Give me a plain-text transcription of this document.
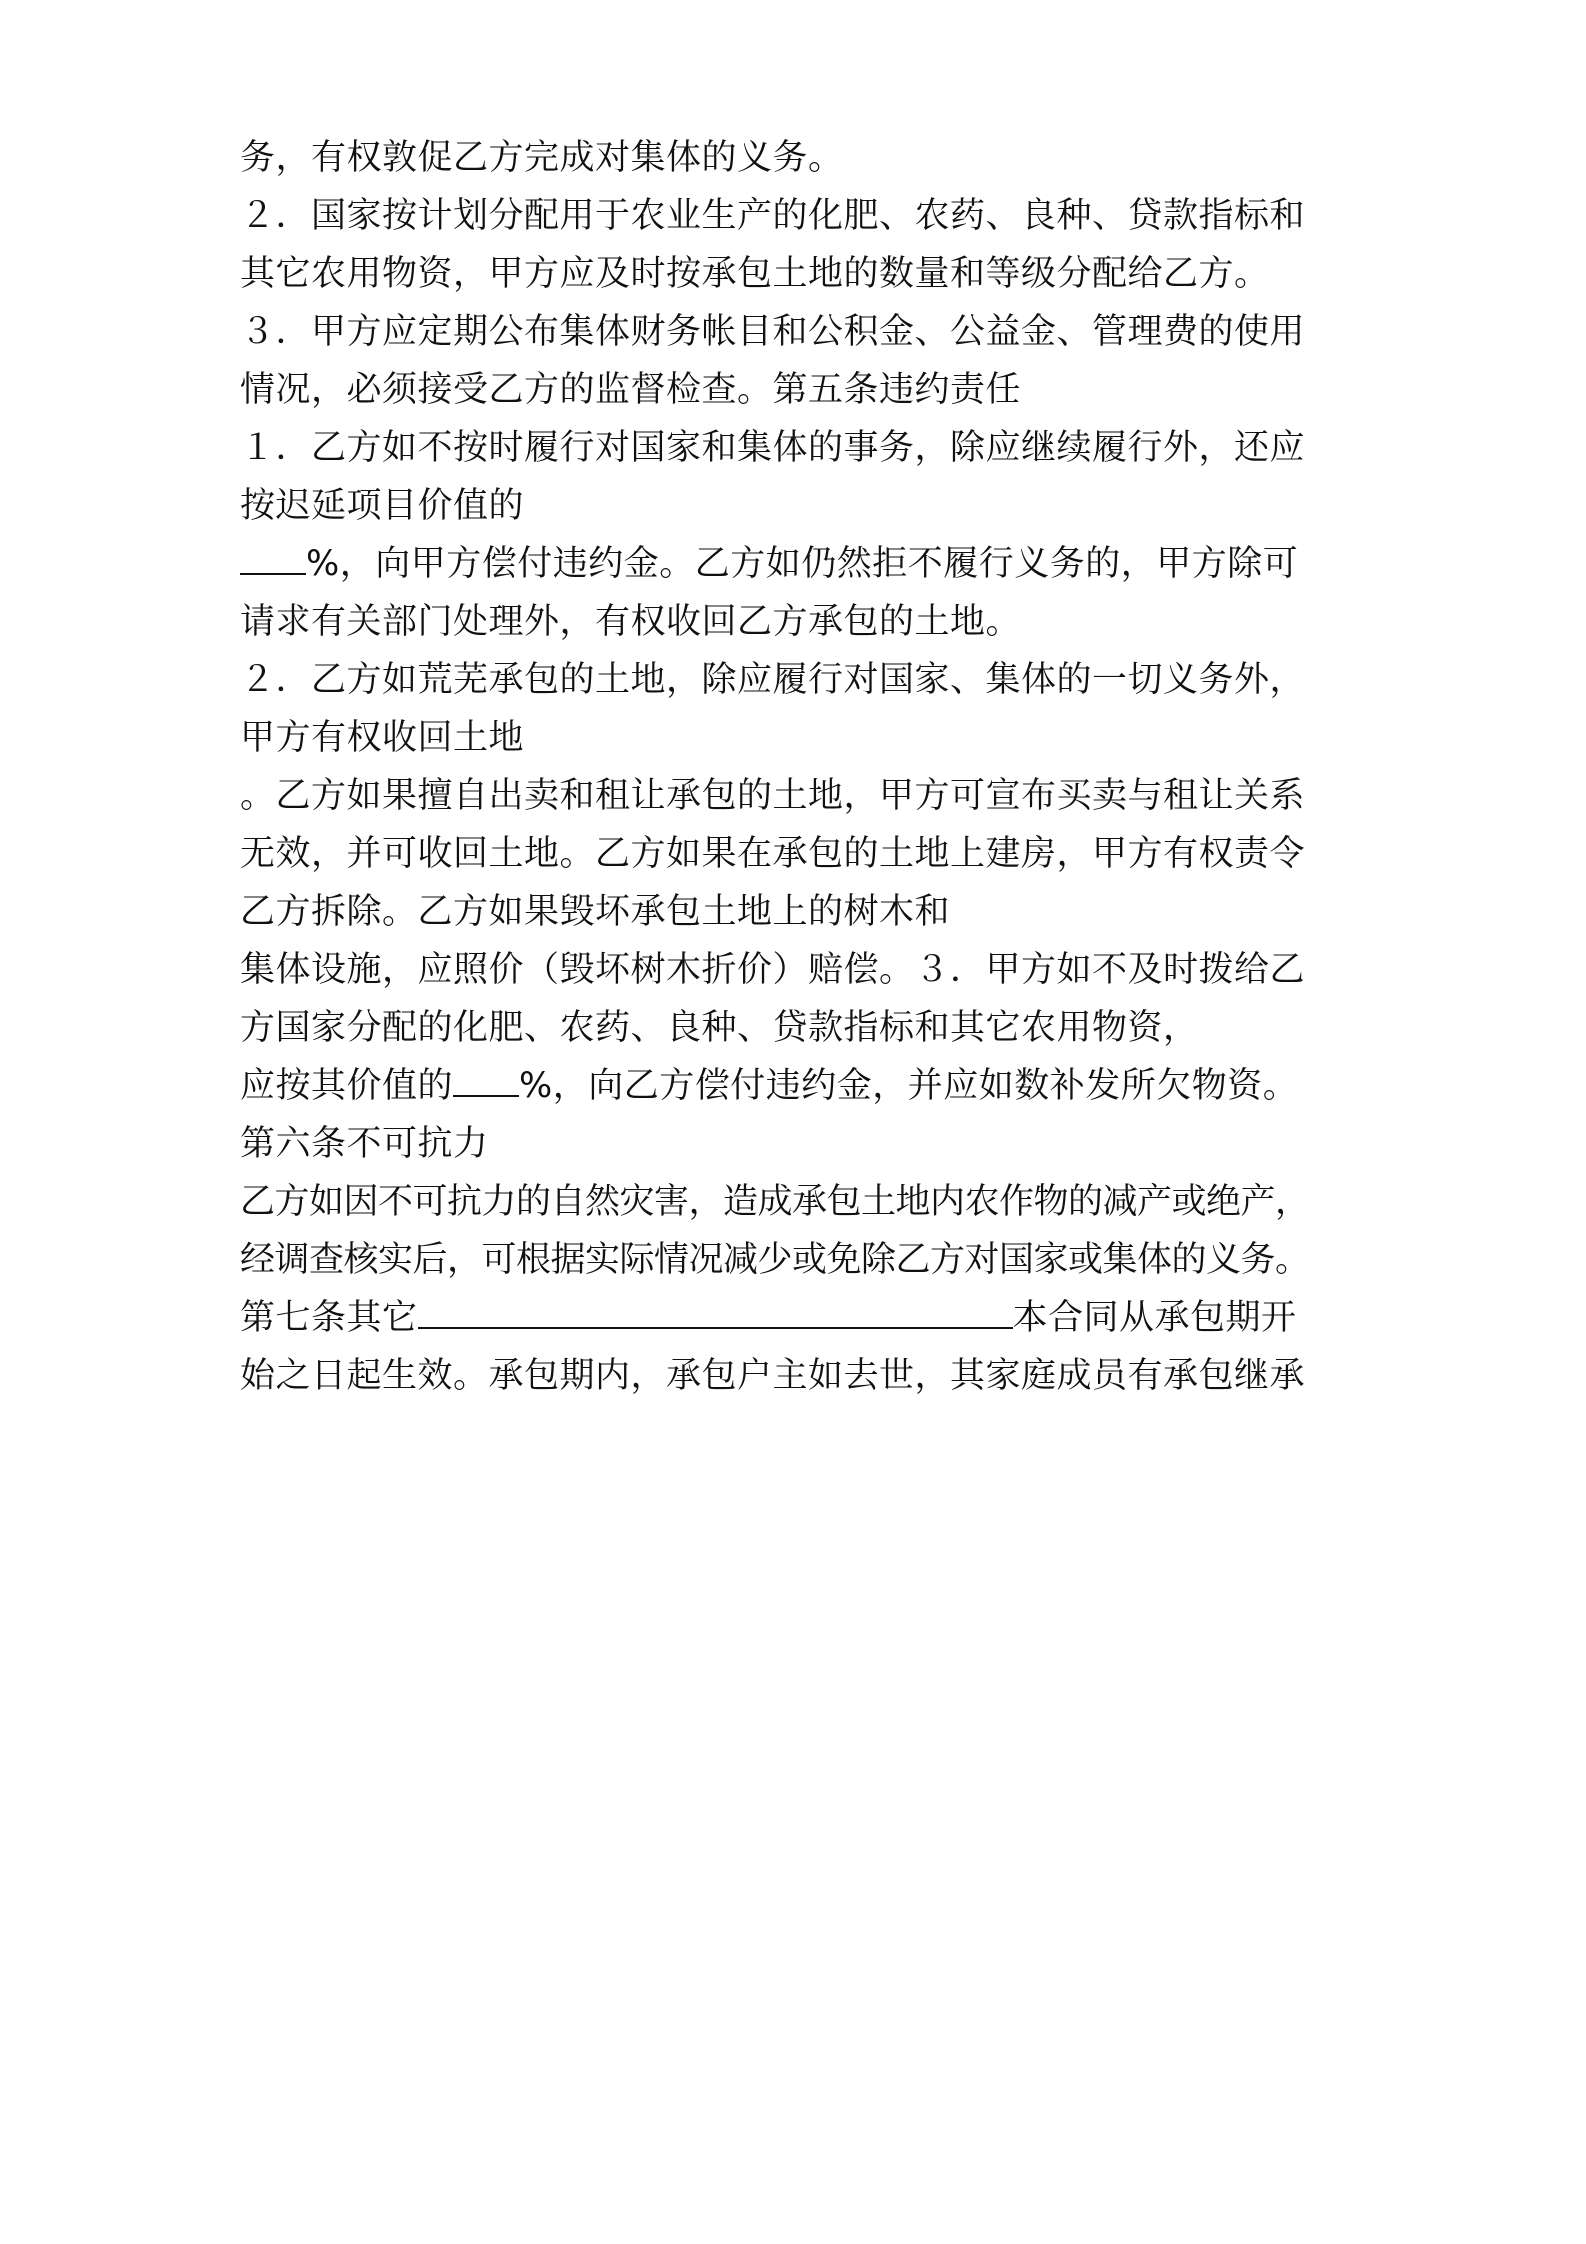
务，有权敦促乙方完成对集体的义务。

２．国家按计划分配用于农业生产的化肥、农药、良种、贷款指标和

其它农用物资，甲方应及时按承包土地的数量和等级分配给乙方。

３．甲方应定期公布集体财务帐目和公积金、公益金、管理费的使用

情况，必须接受乙方的监督检查。第五条违约责任

１．乙方如不按时履行对国家和集体的事务，除应继续履行外，还应

按迟延项目价值的

%，向甲方偿付违约金。乙方如仍然拒不履行义务的，甲方除可

请求有关部门处理外，有权收回乙方承包的土地。

２．乙方如荒芜承包的土地，除应履行对国家、集体的一切义务外，

甲方有权收回土地

。乙方如果擅自出卖和租让承包的土地，甲方可宣布买卖与租让关系

无效，并可收回土地。乙方如果在承包的土地上建房，甲方有权责令

乙方拆除。乙方如果毁坏承包土地上的树木和

集体设施，应照价（毁坏树木折价）赔偿。３．甲方如不及时拨给乙

方国家分配的化肥、农药、良种、贷款指标和其它农用物资，

应按其价值的 %，向乙方偿付违约金，并应如数补发所欠物资。

第六条不可抗力

乙方如因不可抗力的自然灾害，造成承包土地内农作物的减产或绝产，

经调查核实后，可根据实际情况减少或免除乙方对国家或集体的义务。

第七条其它	本合同从承包期开

始之日起生效。承包期内，承包户主如去世，其家庭成员有承包继承
